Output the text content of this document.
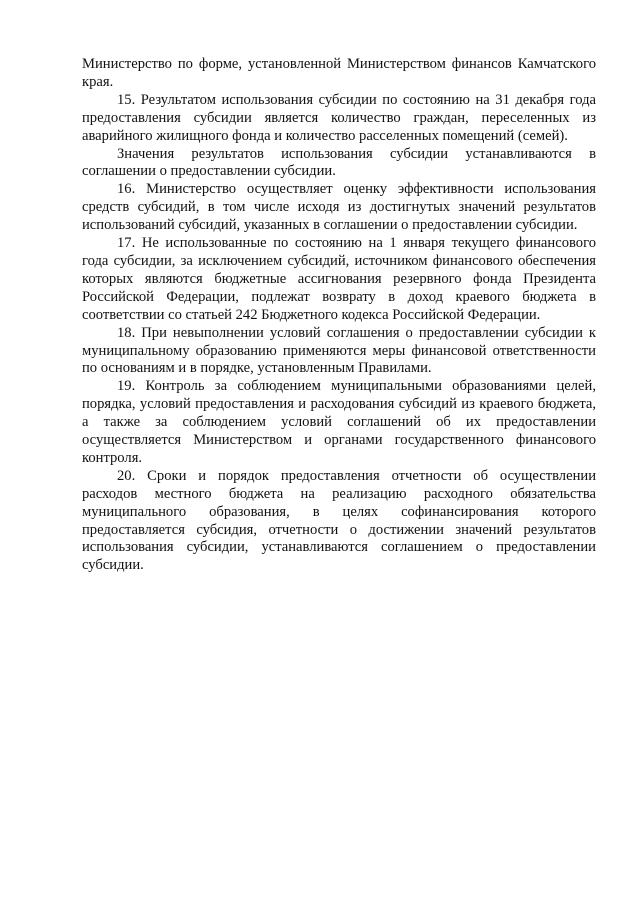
Министерство по форме, установленной Министерством финансов Камчатского края.

15. Результатом использования субсидии по состоянию на 31 декабря года предоставления субсидии является количество граждан, переселенных из аварийного жилищного фонда и количество расселенных помещений (семей).

Значения результатов использования субсидии устанавливаются в соглашении о предоставлении субсидии.

16. Министерство осуществляет оценку эффективности использования средств субсидий, в том числе исходя из достигнутых значений результатов использований субсидий, указанных в соглашении о предоставлении субсидии.

17. Не использованные по состоянию на 1 января текущего финансового года субсидии, за исключением субсидий, источником финансового обеспечения которых являются бюджетные ассигнования резервного фонда Президента Российской Федерации, подлежат возврату в доход краевого бюджета в соответствии со статьей 242 Бюджетного кодекса Российской Федерации.

18. При невыполнении условий соглашения о предоставлении субсидии к муниципальному образованию применяются меры финансовой ответственности по основаниям и в порядке, установленным Правилами.

19. Контроль за соблюдением муниципальными образованиями целей, порядка, условий предоставления и расходования субсидий из краевого бюджета, а также за соблюдением условий соглашений об их предоставлении осуществляется Министерством и органами государственного финансового контроля.

20. Сроки и порядок предоставления отчетности об осуществлении расходов местного бюджета на реализацию расходного обязательства муниципального образования, в целях софинансирования которого предоставляется субсидия, отчетности о достижении значений результатов использования субсидии, устанавливаются соглашением о предоставлении субсидии.
